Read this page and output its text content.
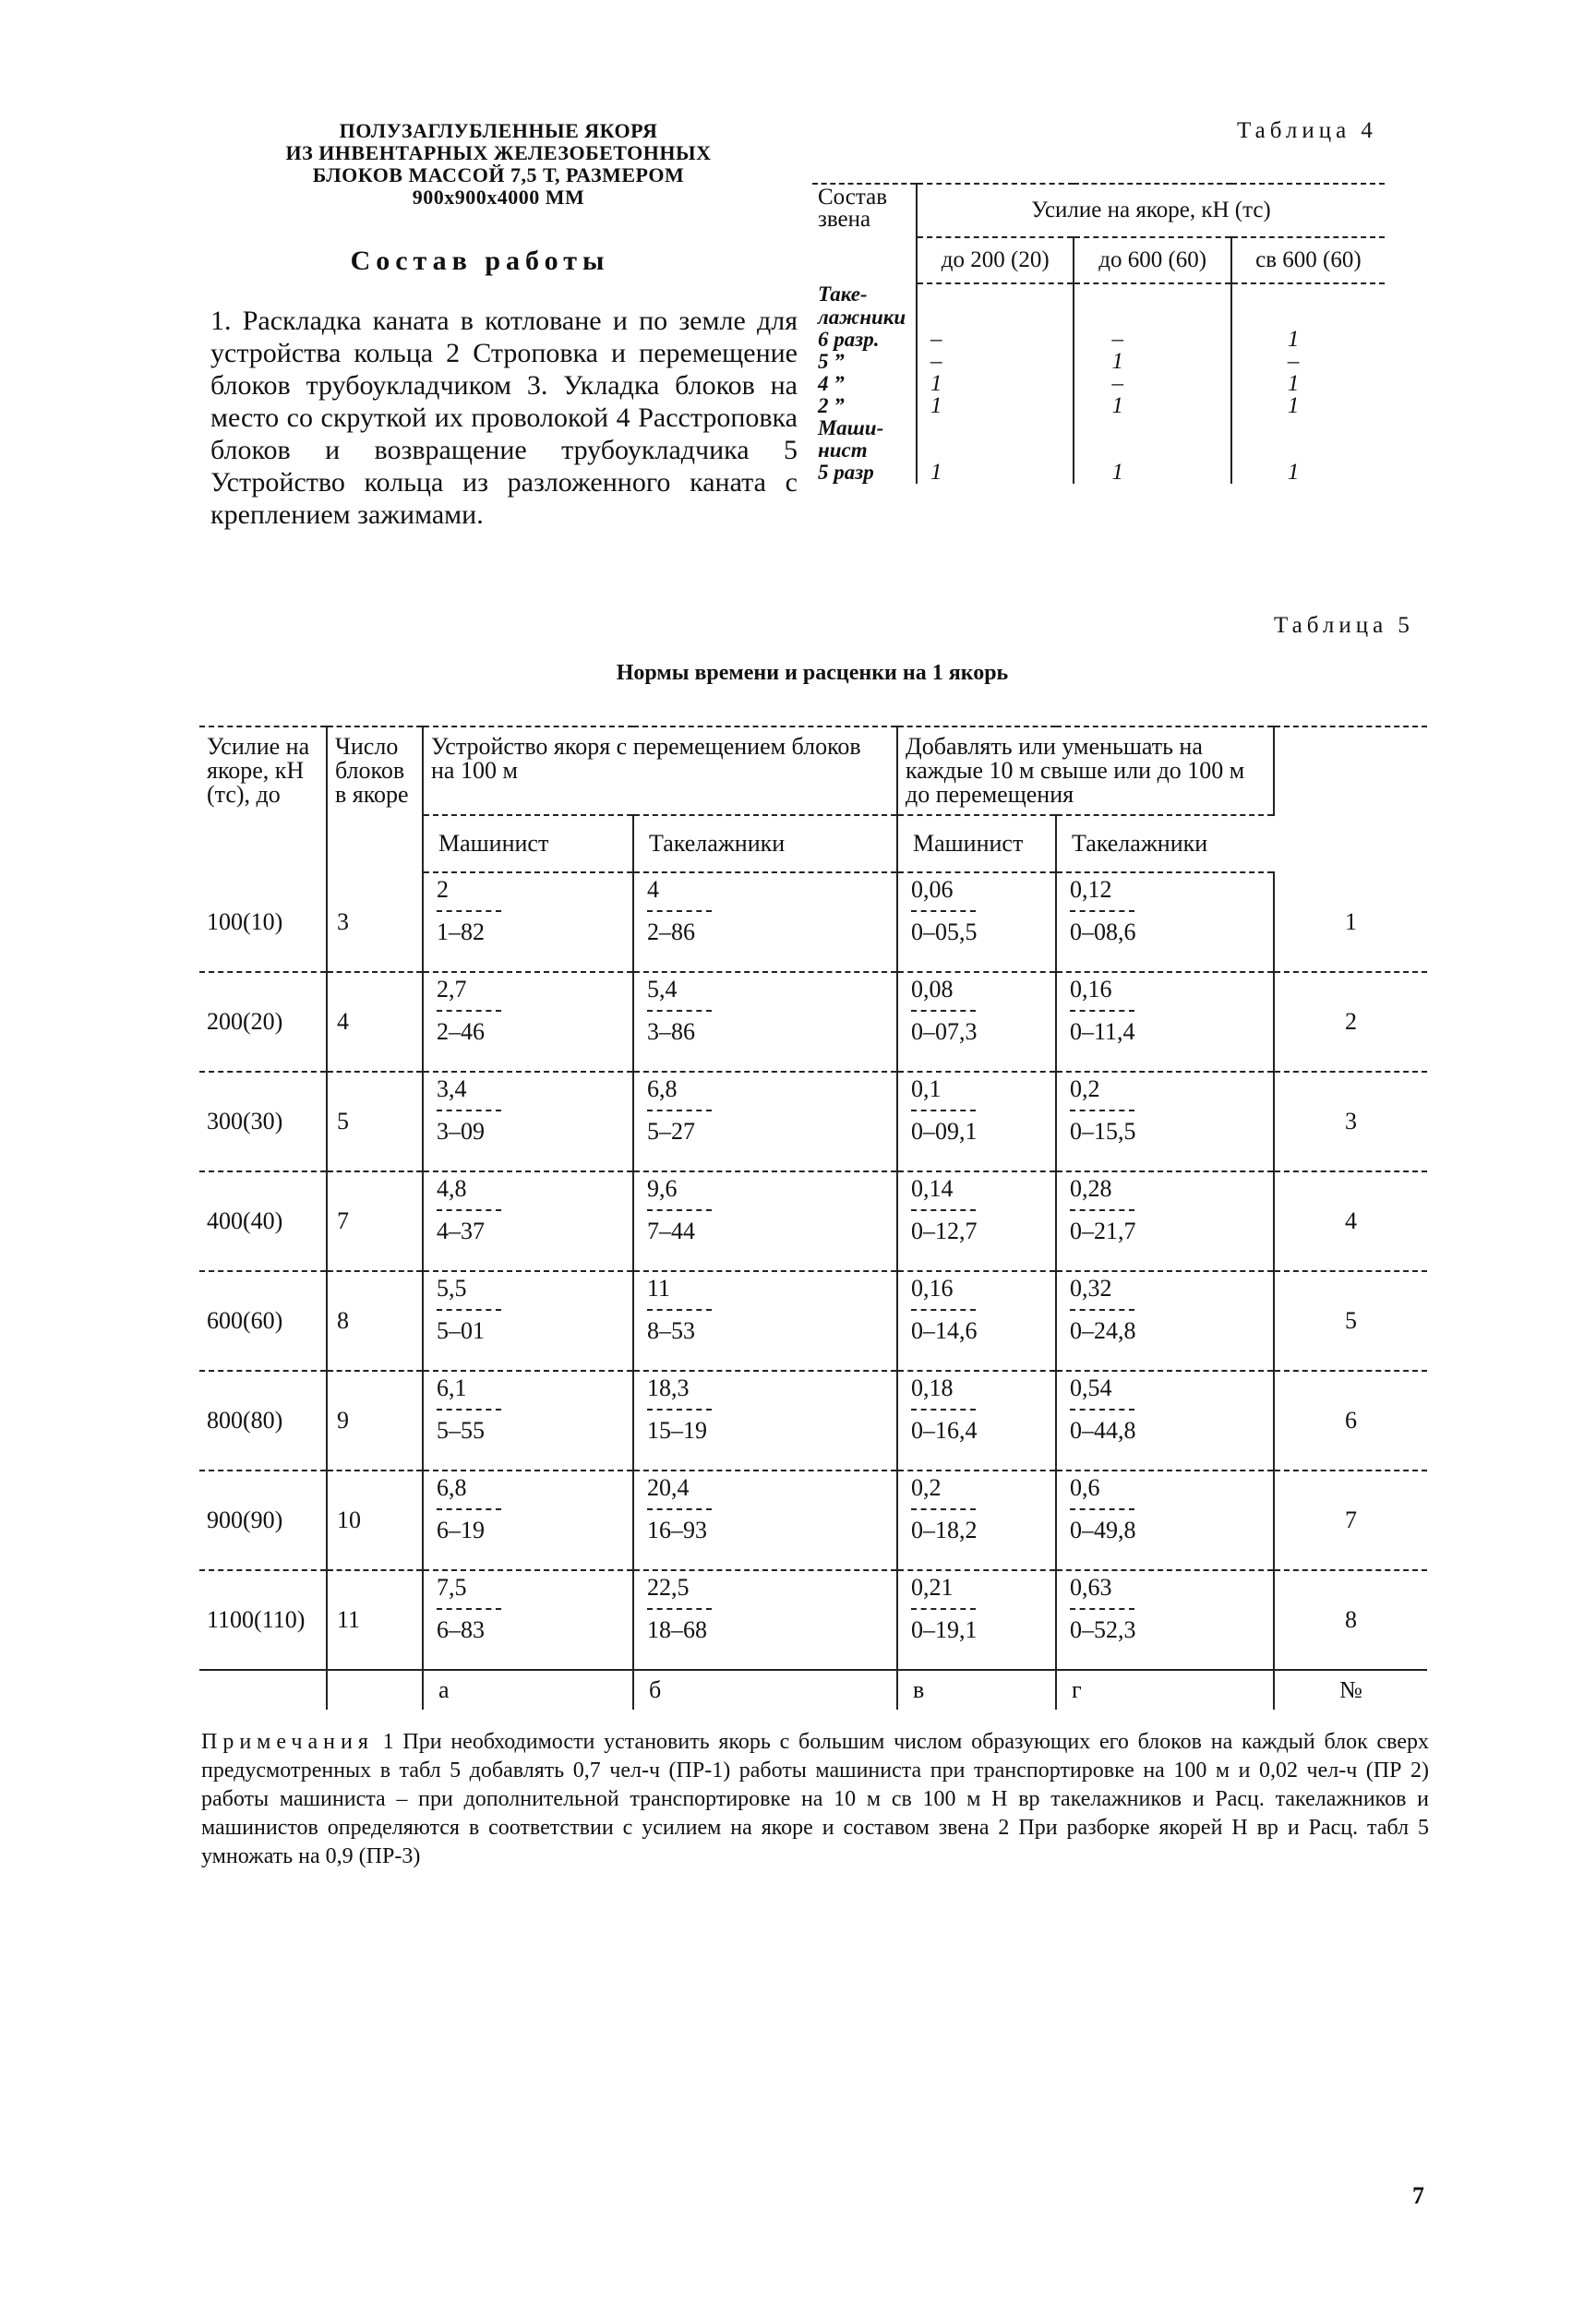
ПОЛУЗАГЛУБЛЕННЫЕ ЯКОРЯ
ИЗ ИНВЕНТАРНЫХ ЖЕЛЕЗОБЕТОННЫХ
БЛОКОВ МАССОЙ 7,5 Т, РАЗМЕРОМ
900х900х4000 ММ
Состав работы
1. Раскладка каната в котловане и по земле для устройства кольца 2 Строповка и перемещение блоков трубоукладчиком 3. Укладка блоков на место со скруткой их проволокой 4 Расстроповка блоков и возвращение трубоукладчика 5 Устройство кольца из разложенного каната с креплением зажимами.
Таблица 4
Состав звена	Усилие на якоре, кН (тс)		
	до 200 (20)	до 600 (60)	св 600 (60)
Таке-			
лажники			
6 разр.	–	–	1
5 ”	–	1	–
4 ”	1	–	1
2 ”	1	1	1
Маши-			
нист			
5 разр	1	1	1
Таблица 5
Нормы времени и расценки на 1 якорь
Усилие на якоре, кН (тс), до	Число блоков в якоре	Устройство якоря с перемещением блоков на 100 м		Добавлять или уменьшать на каждые 10 м свыше или до 100 м до перемещения		
		Машинист	Такелажники	Машинист	Такелажники	
100(10)	3	$\frac{2}{1-82}$	$\frac{4}{2-86}$	$\frac{0,06}{0-05,5}$	$\frac{0,12}{0-08,6}$	1
200(20)	4	$\frac{2,7}{2-46}$	$\frac{5,4}{3-86}$	$\frac{0,08}{0-07,3}$	$\frac{0,16}{0-11,4}$	2
300(30)	5	$\frac{3,4}{3-09}$	$\frac{6,8}{5-27}$	$\frac{0,1}{0-09,1}$	$\frac{0,2}{0-15,5}$	3
400(40)	7	$\frac{4,8}{4-37}$	$\frac{9,6}{7-44}$	$\frac{0,14}{0-12,7}$	$\frac{0,28}{0-21,7}$	4
600(60)	8	$\frac{5,5}{5-01}$	$\frac{11}{8-53}$	$\frac{0,16}{0-14,6}$	$\frac{0,32}{0-24,8}$	5
800(80)	9	$\frac{6,1}{5-55}$	$\frac{18,3}{15-19}$	$\frac{0,18}{0-16,4}$	$\frac{0,54}{0-44,8}$	6
900(90)	10	$\frac{6,8}{6-19}$	$\frac{20,4}{16-93}$	$\frac{0,2}{0-18,2}$	$\frac{0,6}{0-49,8}$	7
1100(110)	11	$\frac{7,5}{6-83}$	$\frac{22,5}{18-68}$	$\frac{0,21}{0-19,1}$	$\frac{0,63}{0-52,3}$	8
		а	б	в	г	№
Примечания 1 При необходимости установить якорь с большим числом образующих его блоков на каждый блок сверх предусмотренных в табл 5 добавлять 0,7 чел-ч (ПР-1) работы машиниста при транспортировке на 100 м и 0,02 чел-ч (ПР 2) работы машиниста – при дополнительной транспортировке на 10 м св 100 м Н вр такелажников и Расц. такелажников и машинистов определяются в соответствии с усилием на якоре и составом звена 2 При разборке якорей Н вр и Расц. табл 5 умножать на 0,9 (ПР-3)
7
